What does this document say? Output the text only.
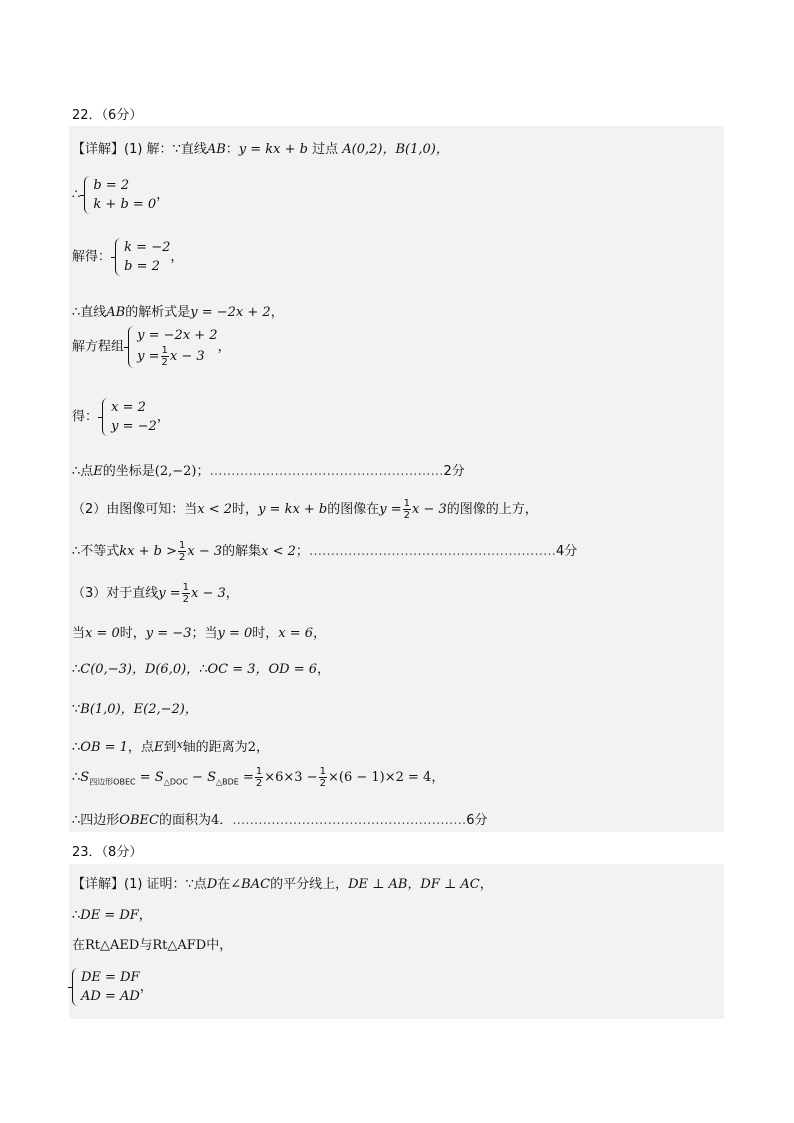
22．（6分）
【详解】(1) 解：∵直线AB：y = kx + b 过点 A(0,2)，B(1,0)，
∴
b = 2
k + b = 0
，
解得：
k = −2
b = 2
，
∴直线AB的解析式是y = −2x + 2，
解方程组
y = −2x + 2
$y = \frac{1}{2}$ x − 3
，
得：
x = 2
y = −2
，
∴点E的坐标是(2,−2)；………………………………………………2分
（2）由图像可知：当x < 2时，y = kx + b的图像在$y = \frac{1}{2}$ x − 3的图像的上方，
∴不等式kx + $b > \frac{1}{2}$ x − 3的解集x < 2；…………………………………………………4分
（3）对于直线$y = \frac{1}{2}$ x − 3，
当x = 0时，y = −3；当y = 0时，x = 6，
∴C(0,−3)，D(6,0)，∴OC = 3，OD = 6，
∵B(1,0)，E(2,−2)，
∴OB = 1，点E到$^x$轴的距离为2，
$\therefore S_{四边形OBEC} = S_{\triangle DOC} - S_{\triangle BDE} = \frac{1}{2} \times 6\times 3 - \frac{1}{2} \times(6 - 1)\times 2 = 4$，
∴四边形OBEC的面积为4．………………………………………………6分
23．（8分）
【详解】(1) 证明：∵点D在∠BAC的平分线上，DE ⊥ AB，DF ⊥ AC，
∴DE = DF，
在Rt△AED与Rt△AFD中，
DE = DF
AD = AD
，
